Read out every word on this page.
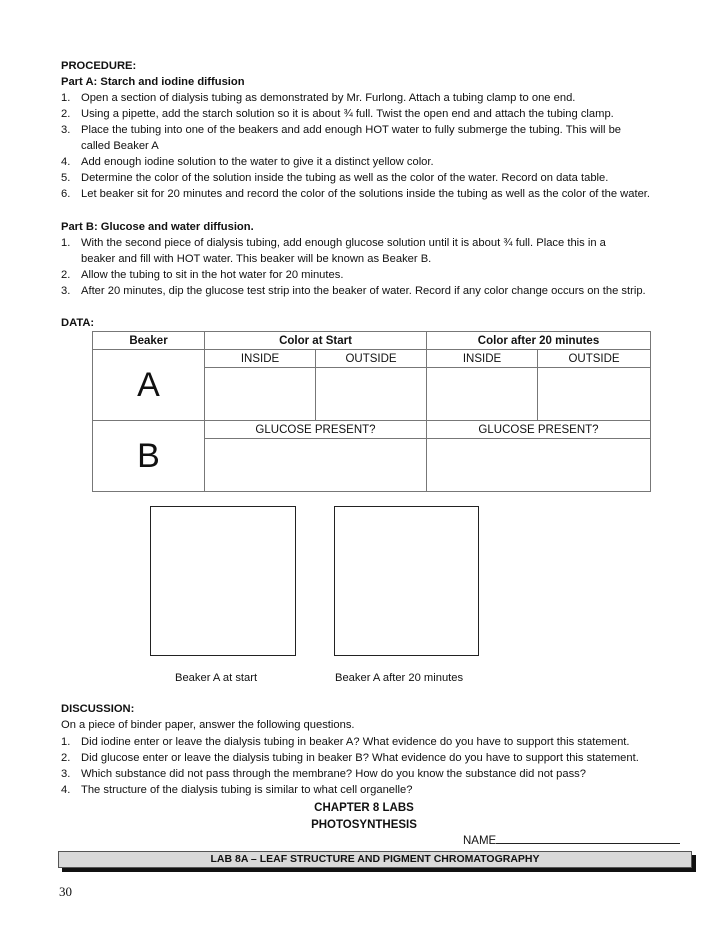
PROCEDURE:
Part A: Starch and iodine diffusion
1. Open a section of dialysis tubing as demonstrated by Mr. Furlong. Attach a tubing clamp to one end.
2. Using a pipette, add the starch solution so it is about ¾ full. Twist the open end and attach the tubing clamp.
3. Place the tubing into one of the beakers and add enough HOT water to fully submerge the tubing. This will be
called Beaker A
4. Add enough iodine solution to the water to give it a distinct yellow color.
5. Determine the color of the solution inside the tubing as well as the color of the water. Record on data table.
6. Let beaker sit for 20 minutes and record the color of the solutions inside the tubing as well as the color of the water.
Part B: Glucose and water diffusion.
1. With the second piece of dialysis tubing, add enough glucose solution until it is about ¾ full. Place this in a
beaker and fill with HOT water. This beaker will be known as Beaker B.
2. Allow the tubing to sit in the hot water for 20 minutes.
3. After 20 minutes, dip the glucose test strip into the beaker of water. Record if any color change occurs on the strip.
DATA:
Beaker	Color at Start		Color after 20 minutes	
A	INSIDE	OUTSIDE	INSIDE	OUTSIDE

B	GLUCOSE PRESENT?		GLUCOSE PRESENT?	

Beaker A at start	Beaker A after 20 minutes
DISCUSSION:
On a piece of binder paper, answer the following questions.
1. Did iodine enter or leave the dialysis tubing in beaker A? What evidence do you have to support this statement.
2. Did glucose enter or leave the dialysis tubing in beaker B? What evidence do you have to support this statement.
3. Which substance did not pass through the membrane? How do you know the substance did not pass?
4. The structure of the dialysis tubing is similar to what cell organelle?
CHAPTER 8 LABS
PHOTOSYNTHESIS
NAME
LAB 8A – LEAF STRUCTURE AND PIGMENT CHROMATOGRAPHY
30
